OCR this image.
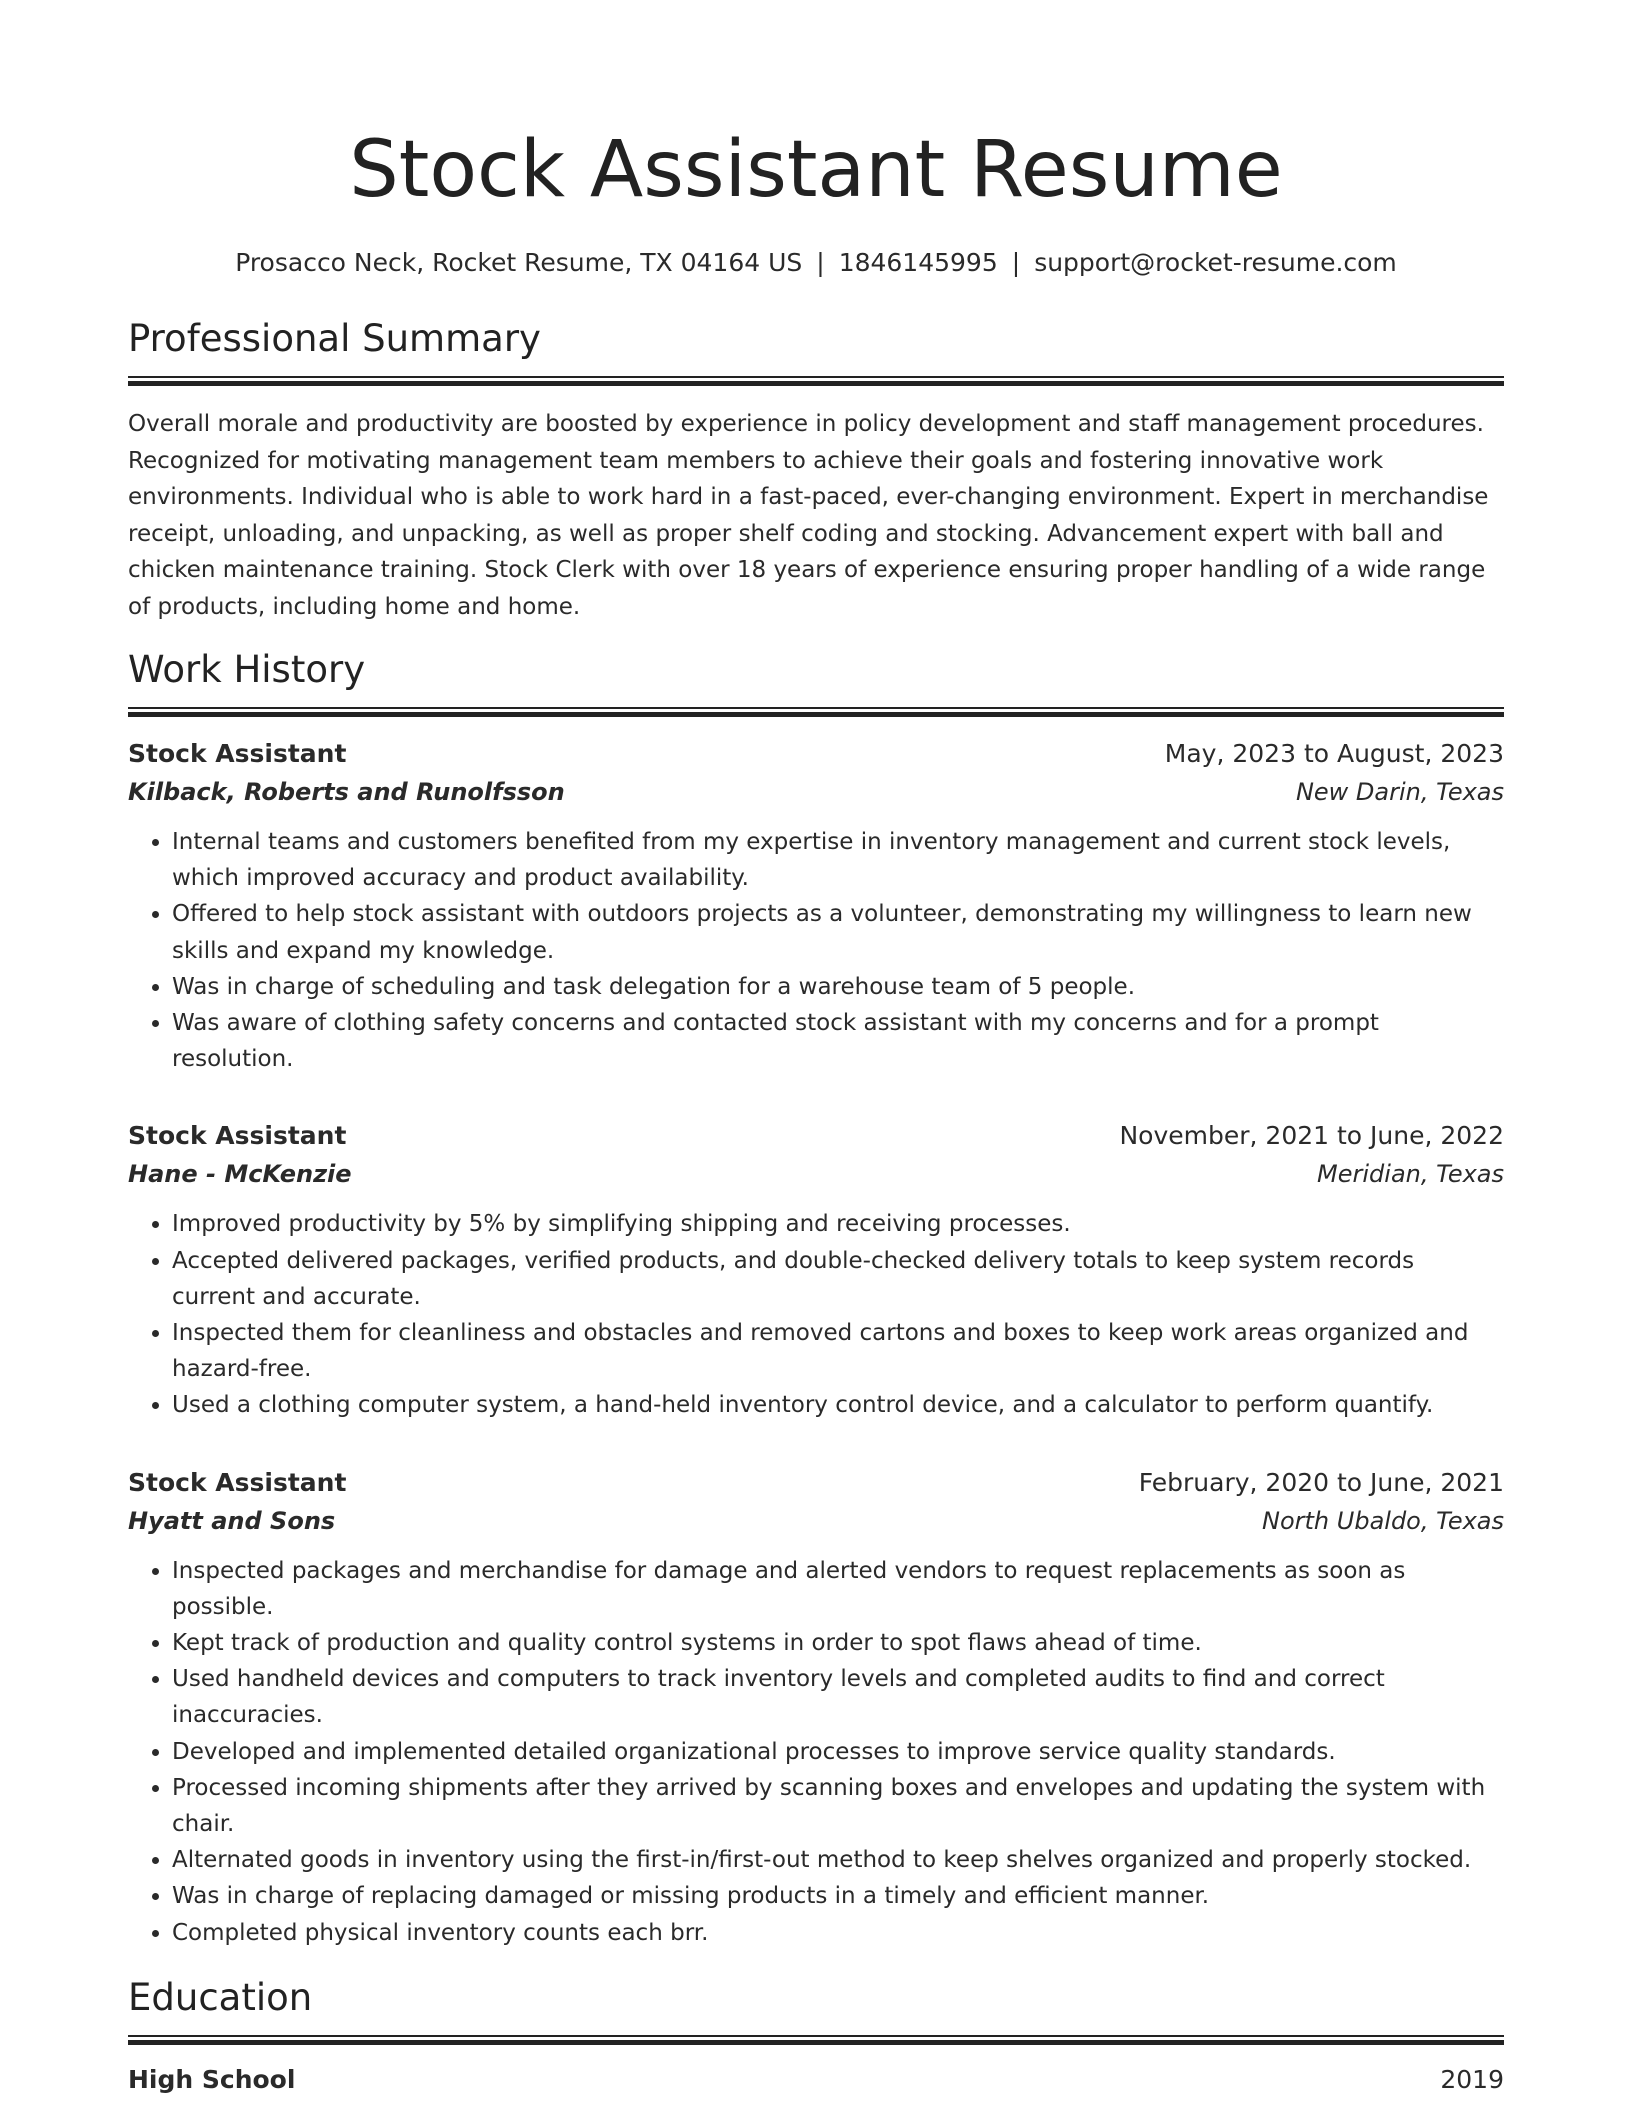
Stock Assistant Resume
Prosacco Neck, Rocket Resume, TX 04164 US | 1846145995 | support@rocket-resume.com
Professional Summary
Overall morale and productivity are boosted by experience in policy development and staff management procedures. Recognized for motivating management team members to achieve their goals and fostering innovative work environments. Individual who is able to work hard in a fast-paced, ever-changing environment. Expert in merchandise receipt, unloading, and unpacking, as well as proper shelf coding and stocking. Advancement expert with ball and chicken maintenance training. Stock Clerk with over 18 years of experience ensuring proper handling of a wide range of products, including home and home.
Work History
Stock Assistant	May, 2023 to August, 2023
Kilback, Roberts and Runolfsson	New Darin, Texas
• Internal teams and customers benefited from my expertise in inventory management and current stock levels, which improved accuracy and product availability.
• Offered to help stock assistant with outdoors projects as a volunteer, demonstrating my willingness to learn new skills and expand my knowledge.
• Was in charge of scheduling and task delegation for a warehouse team of 5 people.
• Was aware of clothing safety concerns and contacted stock assistant with my concerns and for a prompt resolution.
Stock Assistant	November, 2021 to June, 2022
Hane - McKenzie	Meridian, Texas
• Improved productivity by 5% by simplifying shipping and receiving processes.
• Accepted delivered packages, verified products, and double-checked delivery totals to keep system records current and accurate.
• Inspected them for cleanliness and obstacles and removed cartons and boxes to keep work areas organized and hazard-free.
• Used a clothing computer system, a hand-held inventory control device, and a calculator to perform quantify.
Stock Assistant	February, 2020 to June, 2021
Hyatt and Sons	North Ubaldo, Texas
• Inspected packages and merchandise for damage and alerted vendors to request replacements as soon as possible.
• Kept track of production and quality control systems in order to spot flaws ahead of time.
• Used handheld devices and computers to track inventory levels and completed audits to find and correct inaccuracies.
• Developed and implemented detailed organizational processes to improve service quality standards.
• Processed incoming shipments after they arrived by scanning boxes and envelopes and updating the system with chair.
• Alternated goods in inventory using the first-in/first-out method to keep shelves organized and properly stocked.
• Was in charge of replacing damaged or missing products in a timely and efficient manner.
• Completed physical inventory counts each brr.
Education
High School	2019
